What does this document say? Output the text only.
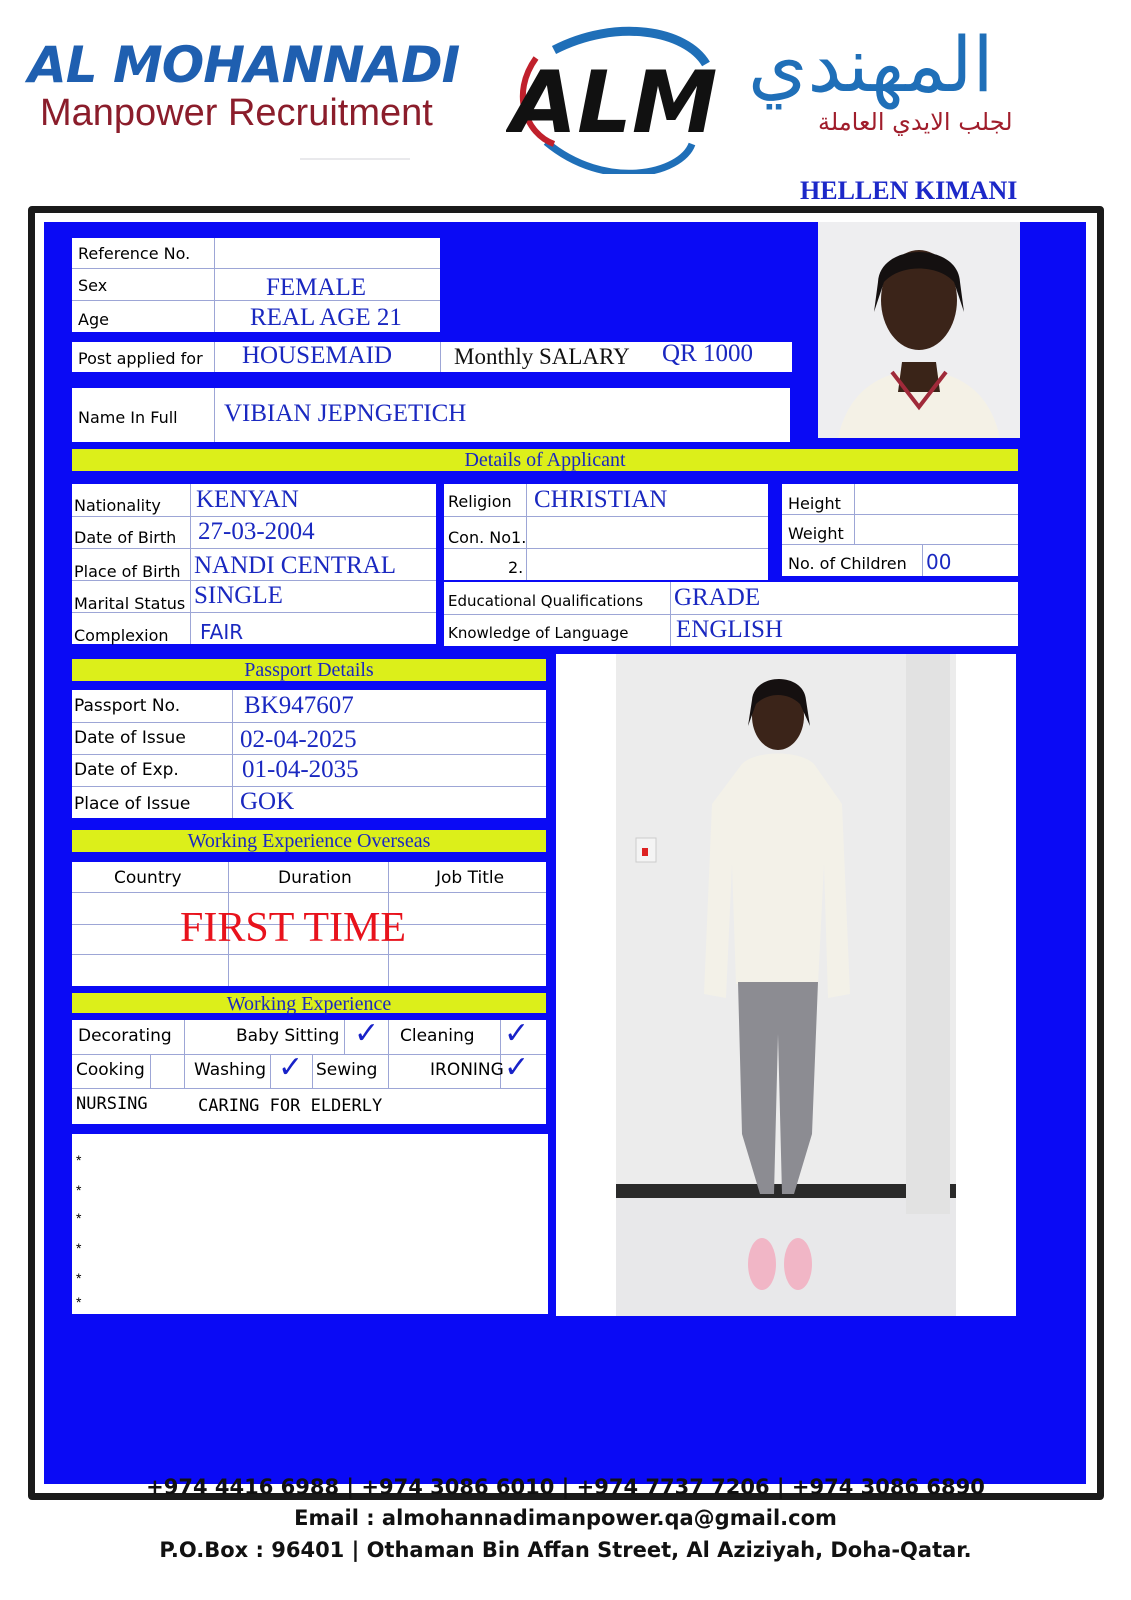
AL MOHANNADI
Manpower Recruitment ALM المهندي
لجلب الايدي العاملة
HELLEN KIMANI
Reference No.
Sex	FEMALE
Age	REAL AGE 21
Post applied for HOUSEMAID	Monthly SALARY QR 1000
Name In Full VIBIAN JEPNGETICH
Details of Applicant
Nationality KENYAN
Date of Birth 27-03-2004
Place of Birth NANDI CENTRAL
Marital Status SINGLE
Complexion FAIR
Religion CHRISTIAN
Con. No1.
2.
Height
Weight
No. of Children 00
Educational Qualifications GRADE
Knowledge of Language ENGLISH
Passport Details
Passport No.	BK947607
Date of Issue 02-04-2025
Date of Exp.	01-04-2035
Place of Issue GOK
Working Experience Overseas
Country	Duration	Job Title
FIRST TIME
Working Experience
Decorating	Baby Sitting ✓ Cleaning ✓
Cooking	Washing ✓ Sewing	IRONING ✓
NURSING	CARING FOR ELDERLY
*
*
*
*
*
*
+974 4416 6988 | +974 3086 6010 | +974 7737 7206 | +974 3086 6890
Email : almohannadimanpower.qa@gmail.com
P.O.Box : 96401 | Othaman Bin Affan Street, Al Aziziyah, Doha-Qatar.
